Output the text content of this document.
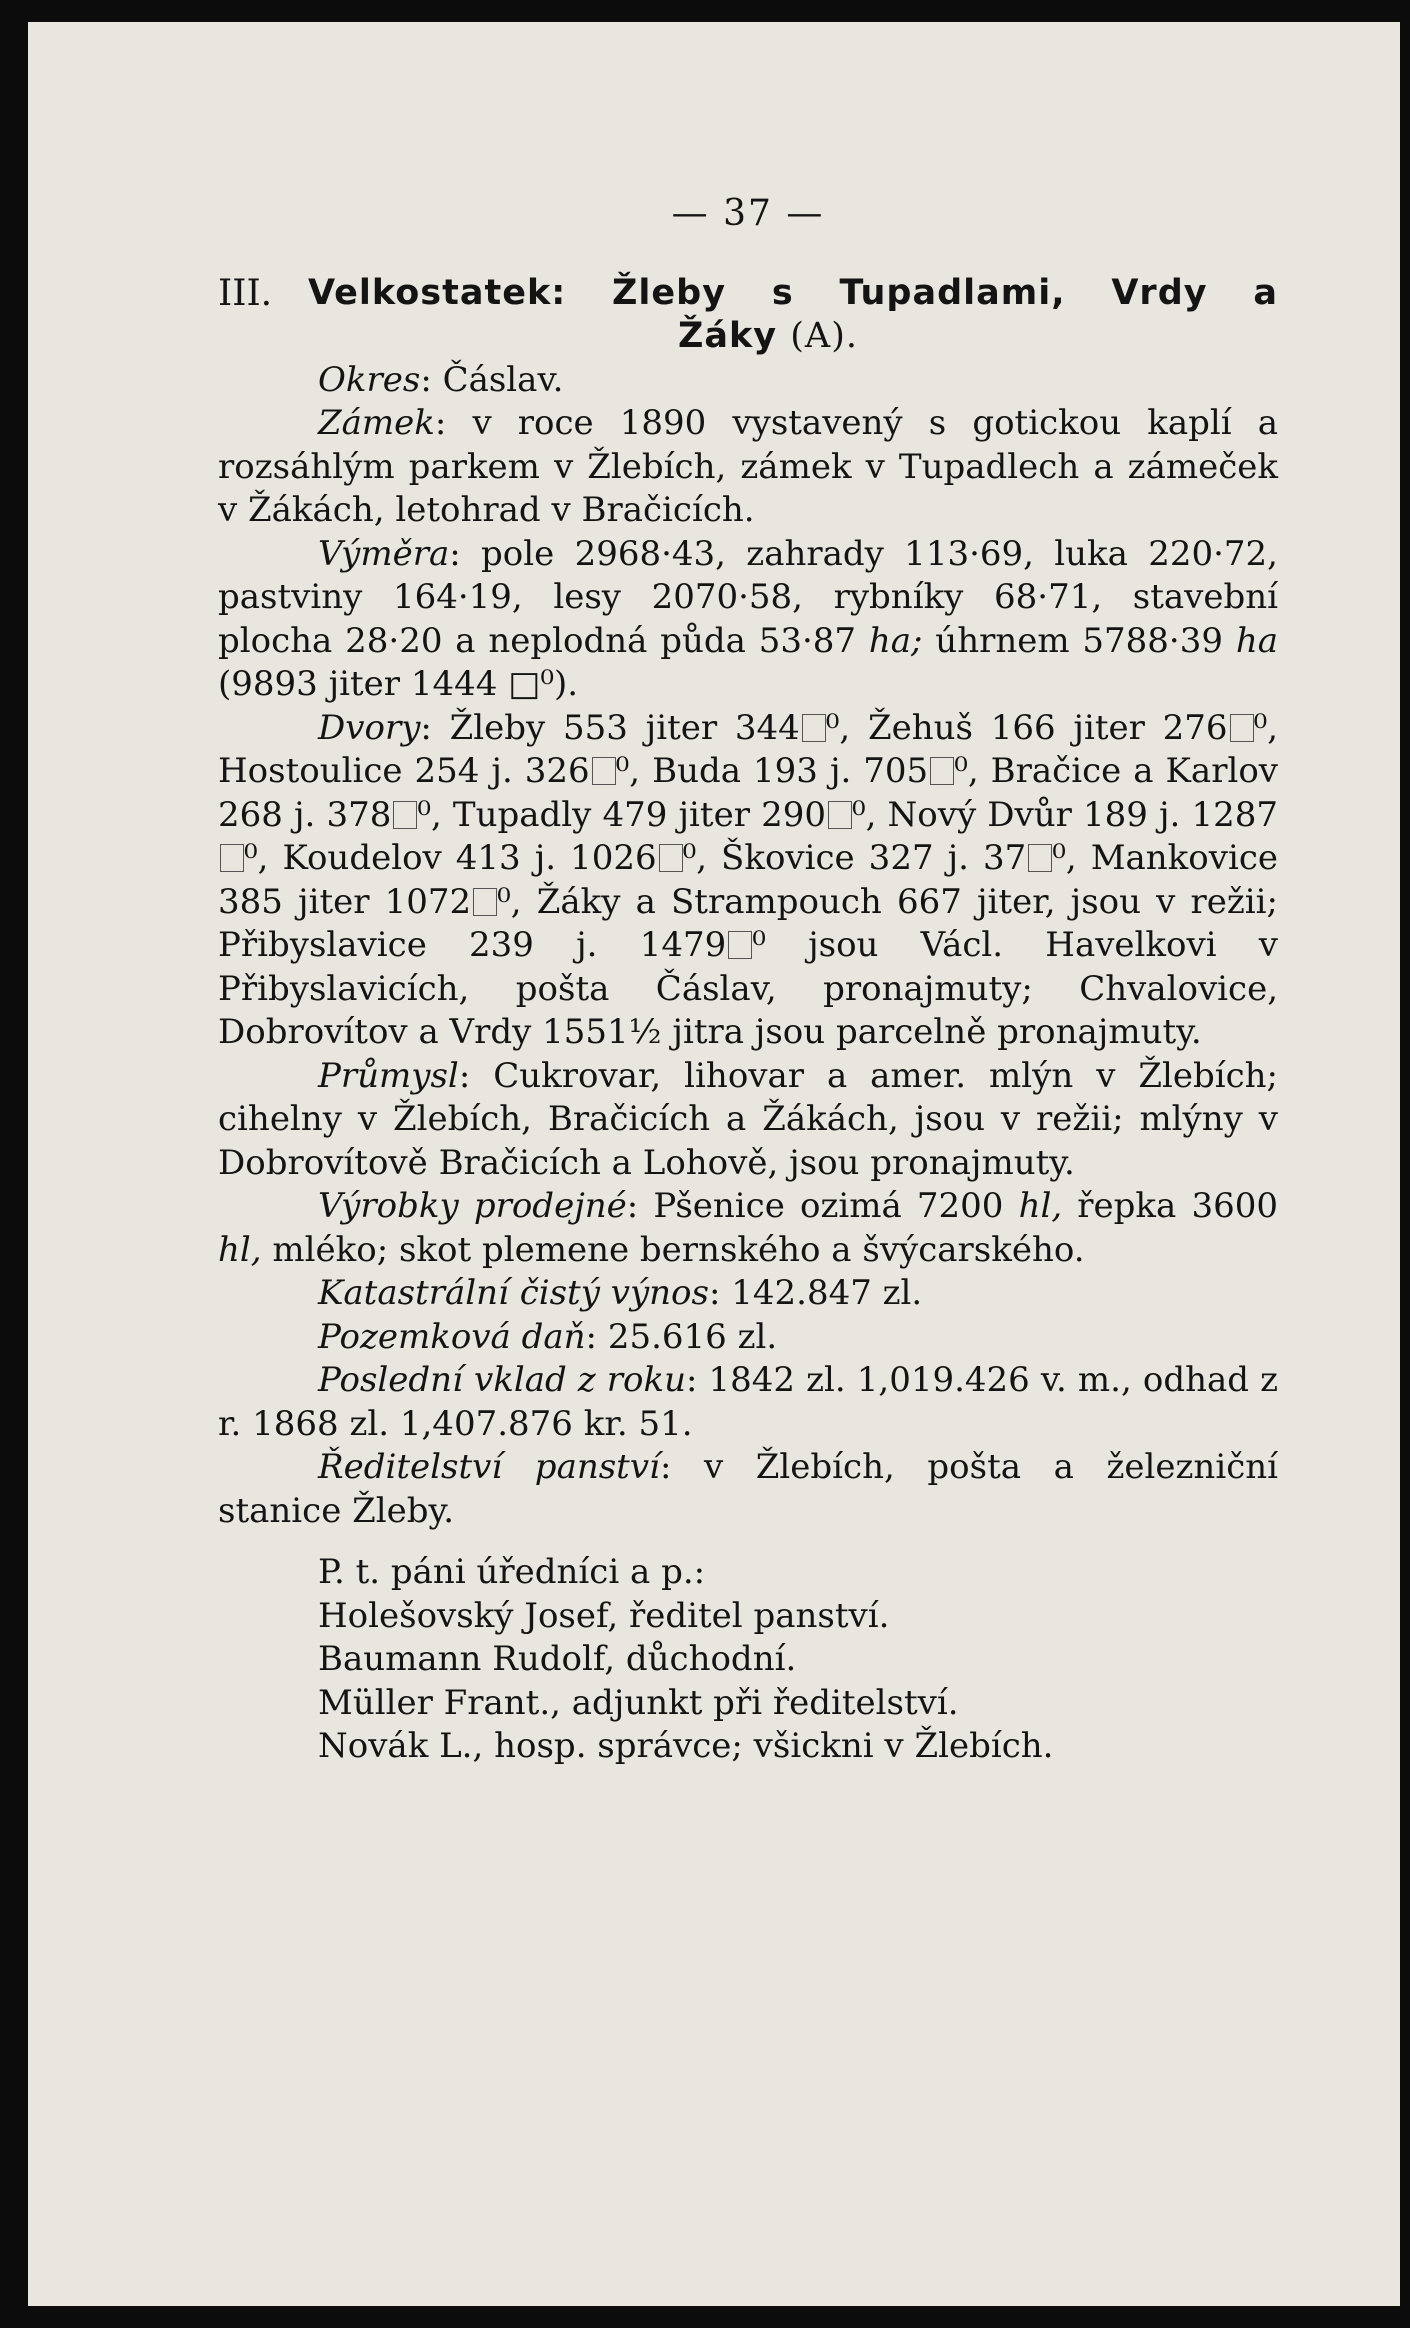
— 37 —
III.	Velkostatek: Žleby s Tupadlami, Vrdy a
Žáky (A).

Okres: Čáslav.

Zámek: v roce 1890 vystavený s gotickou kaplí a rozsáhlým parkem v Žlebích, zámek v Tupadlech a zámeček v Žákách, letohrad v Bračicích.

Výměra: pole 2968·43, zahrady 113·69, luka 220·72, pastviny 164·19, lesy 2070·58, rybníky 68·71, stavební plocha 28·20 a neplodná půda 53·87 ha; úhrnem 5788·39 ha (9893 jiter 1444 □⁰).

Dvory: Žleby 553 jiter 344 ⁰, Žehuš 166 jiter 276 ⁰, Hostoulice 254 j. 326 ⁰, Buda 193 j. 705 ⁰, Bračice a Karlov 268 j. 378 ⁰, Tupadly 479 jiter 290 ⁰, Nový Dvůr 189 j. 1287⁰, Koudelov 413 j. 1026 ⁰, Škovice 327 j. 37 ⁰, Mankovice 385 jiter 1072 ⁰, Žáky a Strampouch 667 jiter, jsou v režii; Přibyslavice 239 j. 1479 ⁰ jsou Václ. Havelkovi v Přibyslavicích, pošta Čáslav, pronajmuty; Chvalovice, Dobrovítov a Vrdy 1551½ jitra jsou parcelně pronajmuty.

Průmysl: Cukrovar, lihovar a amer. mlýn v Žlebích; cihelny v Žlebích, Bračicích a Žákách, jsou v režii; mlýny v Dobrovítově Bračicích a Lohově, jsou pronajmuty.

Výrobky prodejné: Pšenice ozimá 7200 hl, řepka 3600 hl, mléko; skot plemene bernského a švýcarského.

Katastrální čistý výnos: 142.847 zl.

Pozemková daň: 25.616 zl.

Poslední vklad z roku: 1842 zl. 1,019.426 v. m., odhad z r. 1868 zl. 1,407.876 kr. 51.

Ředitelství panství: v Žlebích, pošta a železniční stanice Žleby.

P. t. páni úředníci a p.:

Holešovský Josef, ředitel panství.

Baumann Rudolf, důchodní.

Müller Frant., adjunkt při ředitelství.

Novák L., hosp. správce; všickni v Žlebích.
